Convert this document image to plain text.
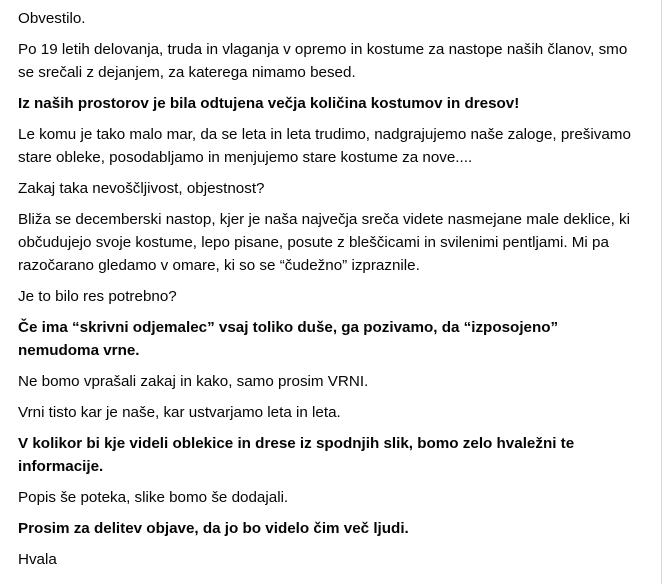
Obvestilo.

Po 19 letih delovanja, truda in vlaganja v opremo in kostume za nastope naših članov, smo se srečali z dejanjem, za katerega nimamo besed.

Iz naših prostorov je bila odtujena večja količina kostumov in dresov!

Le komu je tako malo mar, da se leta in leta trudimo, nadgrajujemo naše zaloge, prešivamo stare obleke, posodabljamo in menjujemo stare kostume za nove....

Zakaj taka nevoščljivost, objestnost?

Bliža se decemberski nastop, kjer je naša največja sreča videte nasmejane male deklice, ki občudujejo svoje kostume, lepo pisane, posute z bleščicami in svilenimi pentljami. Mi pa razočarano gledamo v omare, ki so se “čudežno” izpraznile.

Je to bilo res potrebno?

Če ima “skrivni odjemalec” vsaj toliko duše, ga pozivamo, da “izposojeno” nemudoma vrne.

Ne bomo vprašali zakaj in kako, samo prosim VRNI.

Vrni tisto kar je naše, kar ustvarjamo leta in leta.

V kolikor bi kje videli oblekice in drese iz spodnjih slik, bomo zelo hvaležni te informacije.

Popis še poteka, slike bomo še dodajali.

Prosim za delitev objave, da jo bo videlo čim več ljudi.

Hvala
